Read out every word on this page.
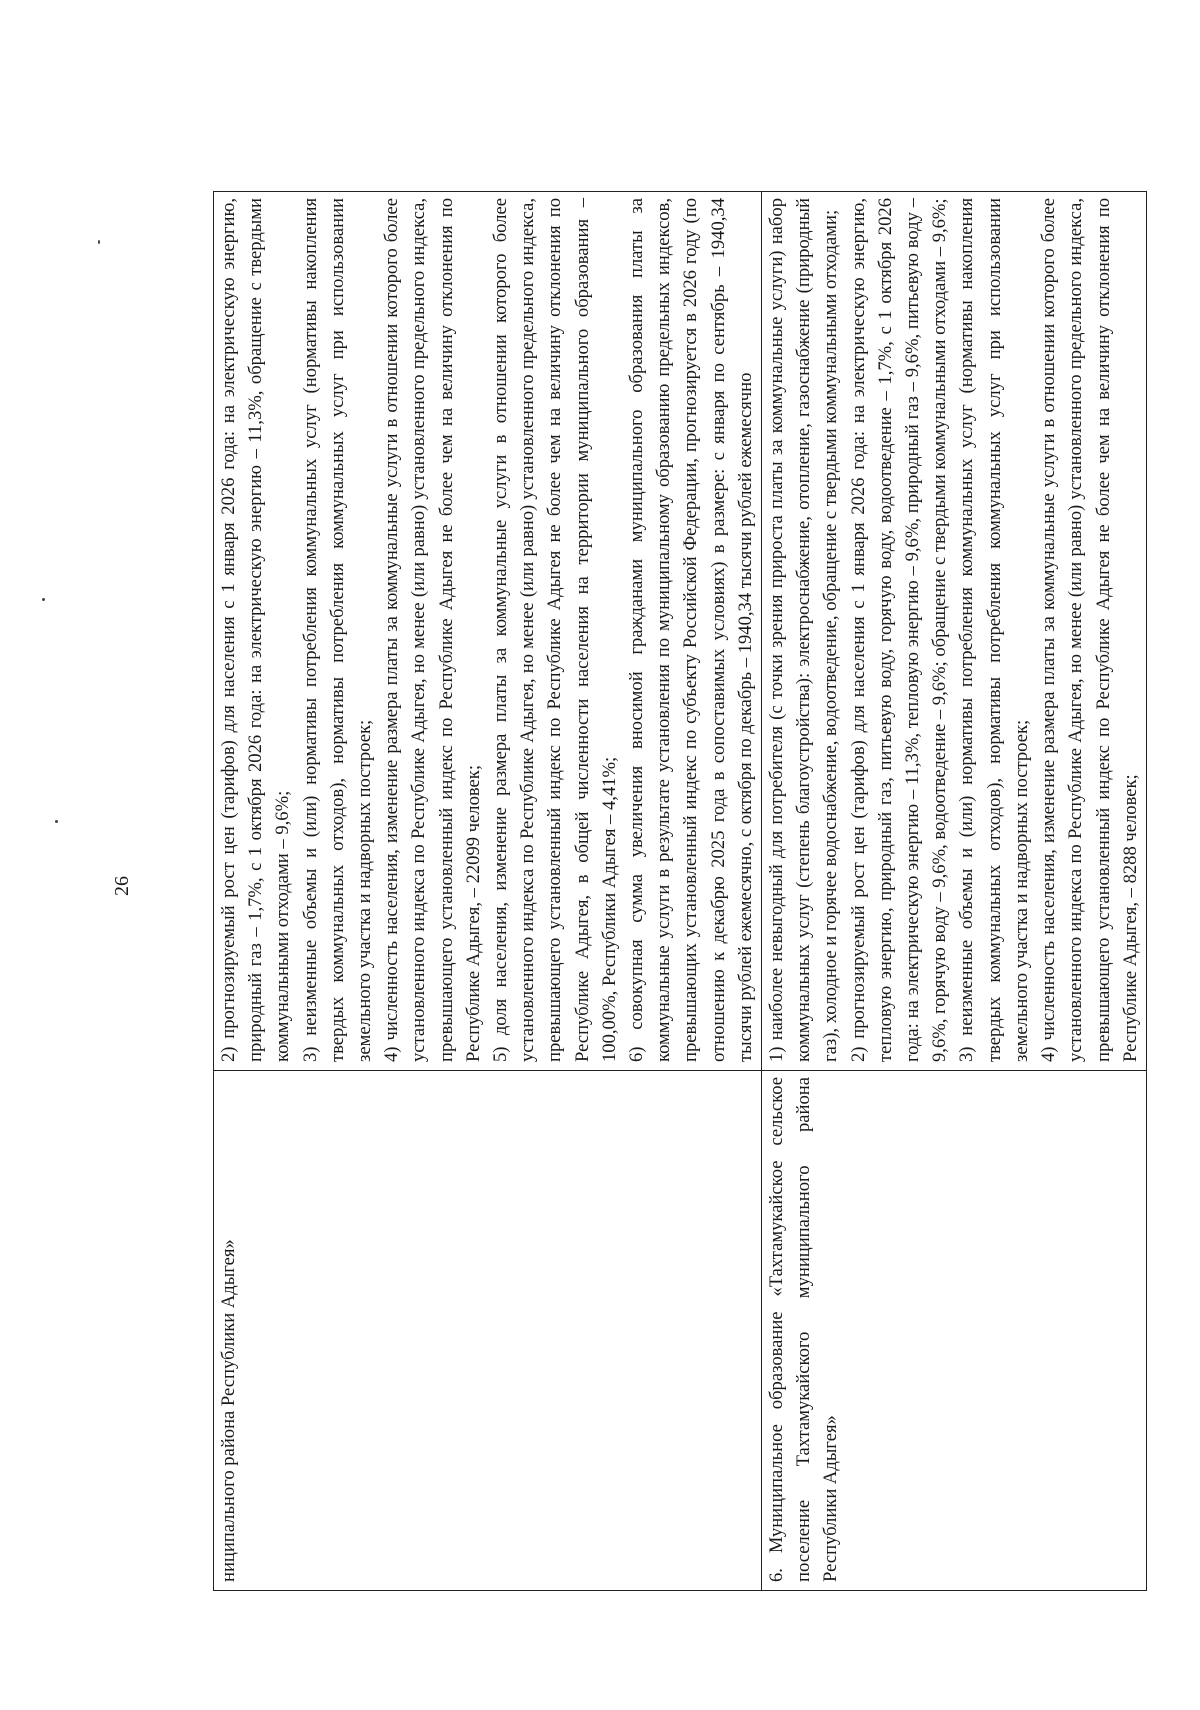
26
ниципального района Республики Адыгея»	2) прогнозируемый рост цен (тарифов) для населения с 1 января 2026 года: на электрическую энергию, природный газ – 1,7%, с 1 октября 2026 года: на электрическую энергию – 11,3%, обращение с твердыми коммунальными отходами – 9,6%; 3) неизменные объемы и (или) нормативы потребления коммунальных услуг (нормативы накопления твердых коммунальных отходов), нормативы потребления коммунальных услуг при использовании земельного участка и надворных построек; 4) численность населения, изменение размера платы за коммунальные услуги в отношении которого более установленного индекса по Республике Адыгея, но менее (или равно) установленного предельного индекса, превышающего установленный индекс по Республике Адыгея не более чем на величину отклонения по Республике Адыгея, – 22099 человек; 5) доля населения, изменение размера платы за коммунальные услуги в отношении которого более установленного индекса по Республике Адыгея, но менее (или равно) установленного предельного индекса, превышающего установленный индекс по Республике Адыгея не более чем на величину отклонения по Республике Адыгея, в общей численности населения на территории муниципального образования – 100,00%, Республики Адыгея – 4,41%; 6) совокупная сумма увеличения вносимой гражданами муниципального образования платы за коммунальные услуги в результате установления по муниципальному образованию предельных индексов, превышающих установленный индекс по субъекту Российской Федерации, прогнозируется в 2026 году (по отношению к декабрю 2025 года в сопоставимых условиях) в размере: с января по сентябрь – 1940,34 тысячи рублей ежемесячно, с октября по декабрь – 1940,34 тысячи рублей ежемесячно

6. Муниципальное образование «Тахтамукайское сельское поселение Тахтамукайского муниципального района Республики Адыгея»	1) наиболее невыгодный для потребителя (с точки зрения прироста платы за коммунальные услуги) набор коммунальных услуг (степень благоустройства): электроснабжение, отопление, газоснабжение (природный газ), холодное и горячее водоснабжение, водоотведение, обращение с твердыми коммунальными отходами; 2) прогнозируемый рост цен (тарифов) для населения с 1 января 2026 года: на электрическую энергию, тепловую энергию, природный газ, питьевую воду, горячую воду, водоотведение – 1,7%, с 1 октября 2026 года: на электрическую энергию – 11,3%, тепловую энергию – 9,6%, природный газ – 9,6%, питьевую воду – 9,6%, горячую воду – 9,6%, водоотведение – 9,6%; обращение с твердыми коммунальными отходами – 9,6%; 3) неизменные объемы и (или) нормативы потребления коммунальных услуг (нормативы накопления твердых коммунальных отходов), нормативы потребления коммунальных услуг при использовании земельного участка и надворных построек; 4) численность населения, изменение размера платы за коммунальные услуги в отношении которого более установленного индекса по Республике Адыгея, но менее (или равно) установленного предельного индекса, превышающего установленный индекс по Республике Адыгея не более чем на величину отклонения по Республике Адыгея, – 8288 человек;
